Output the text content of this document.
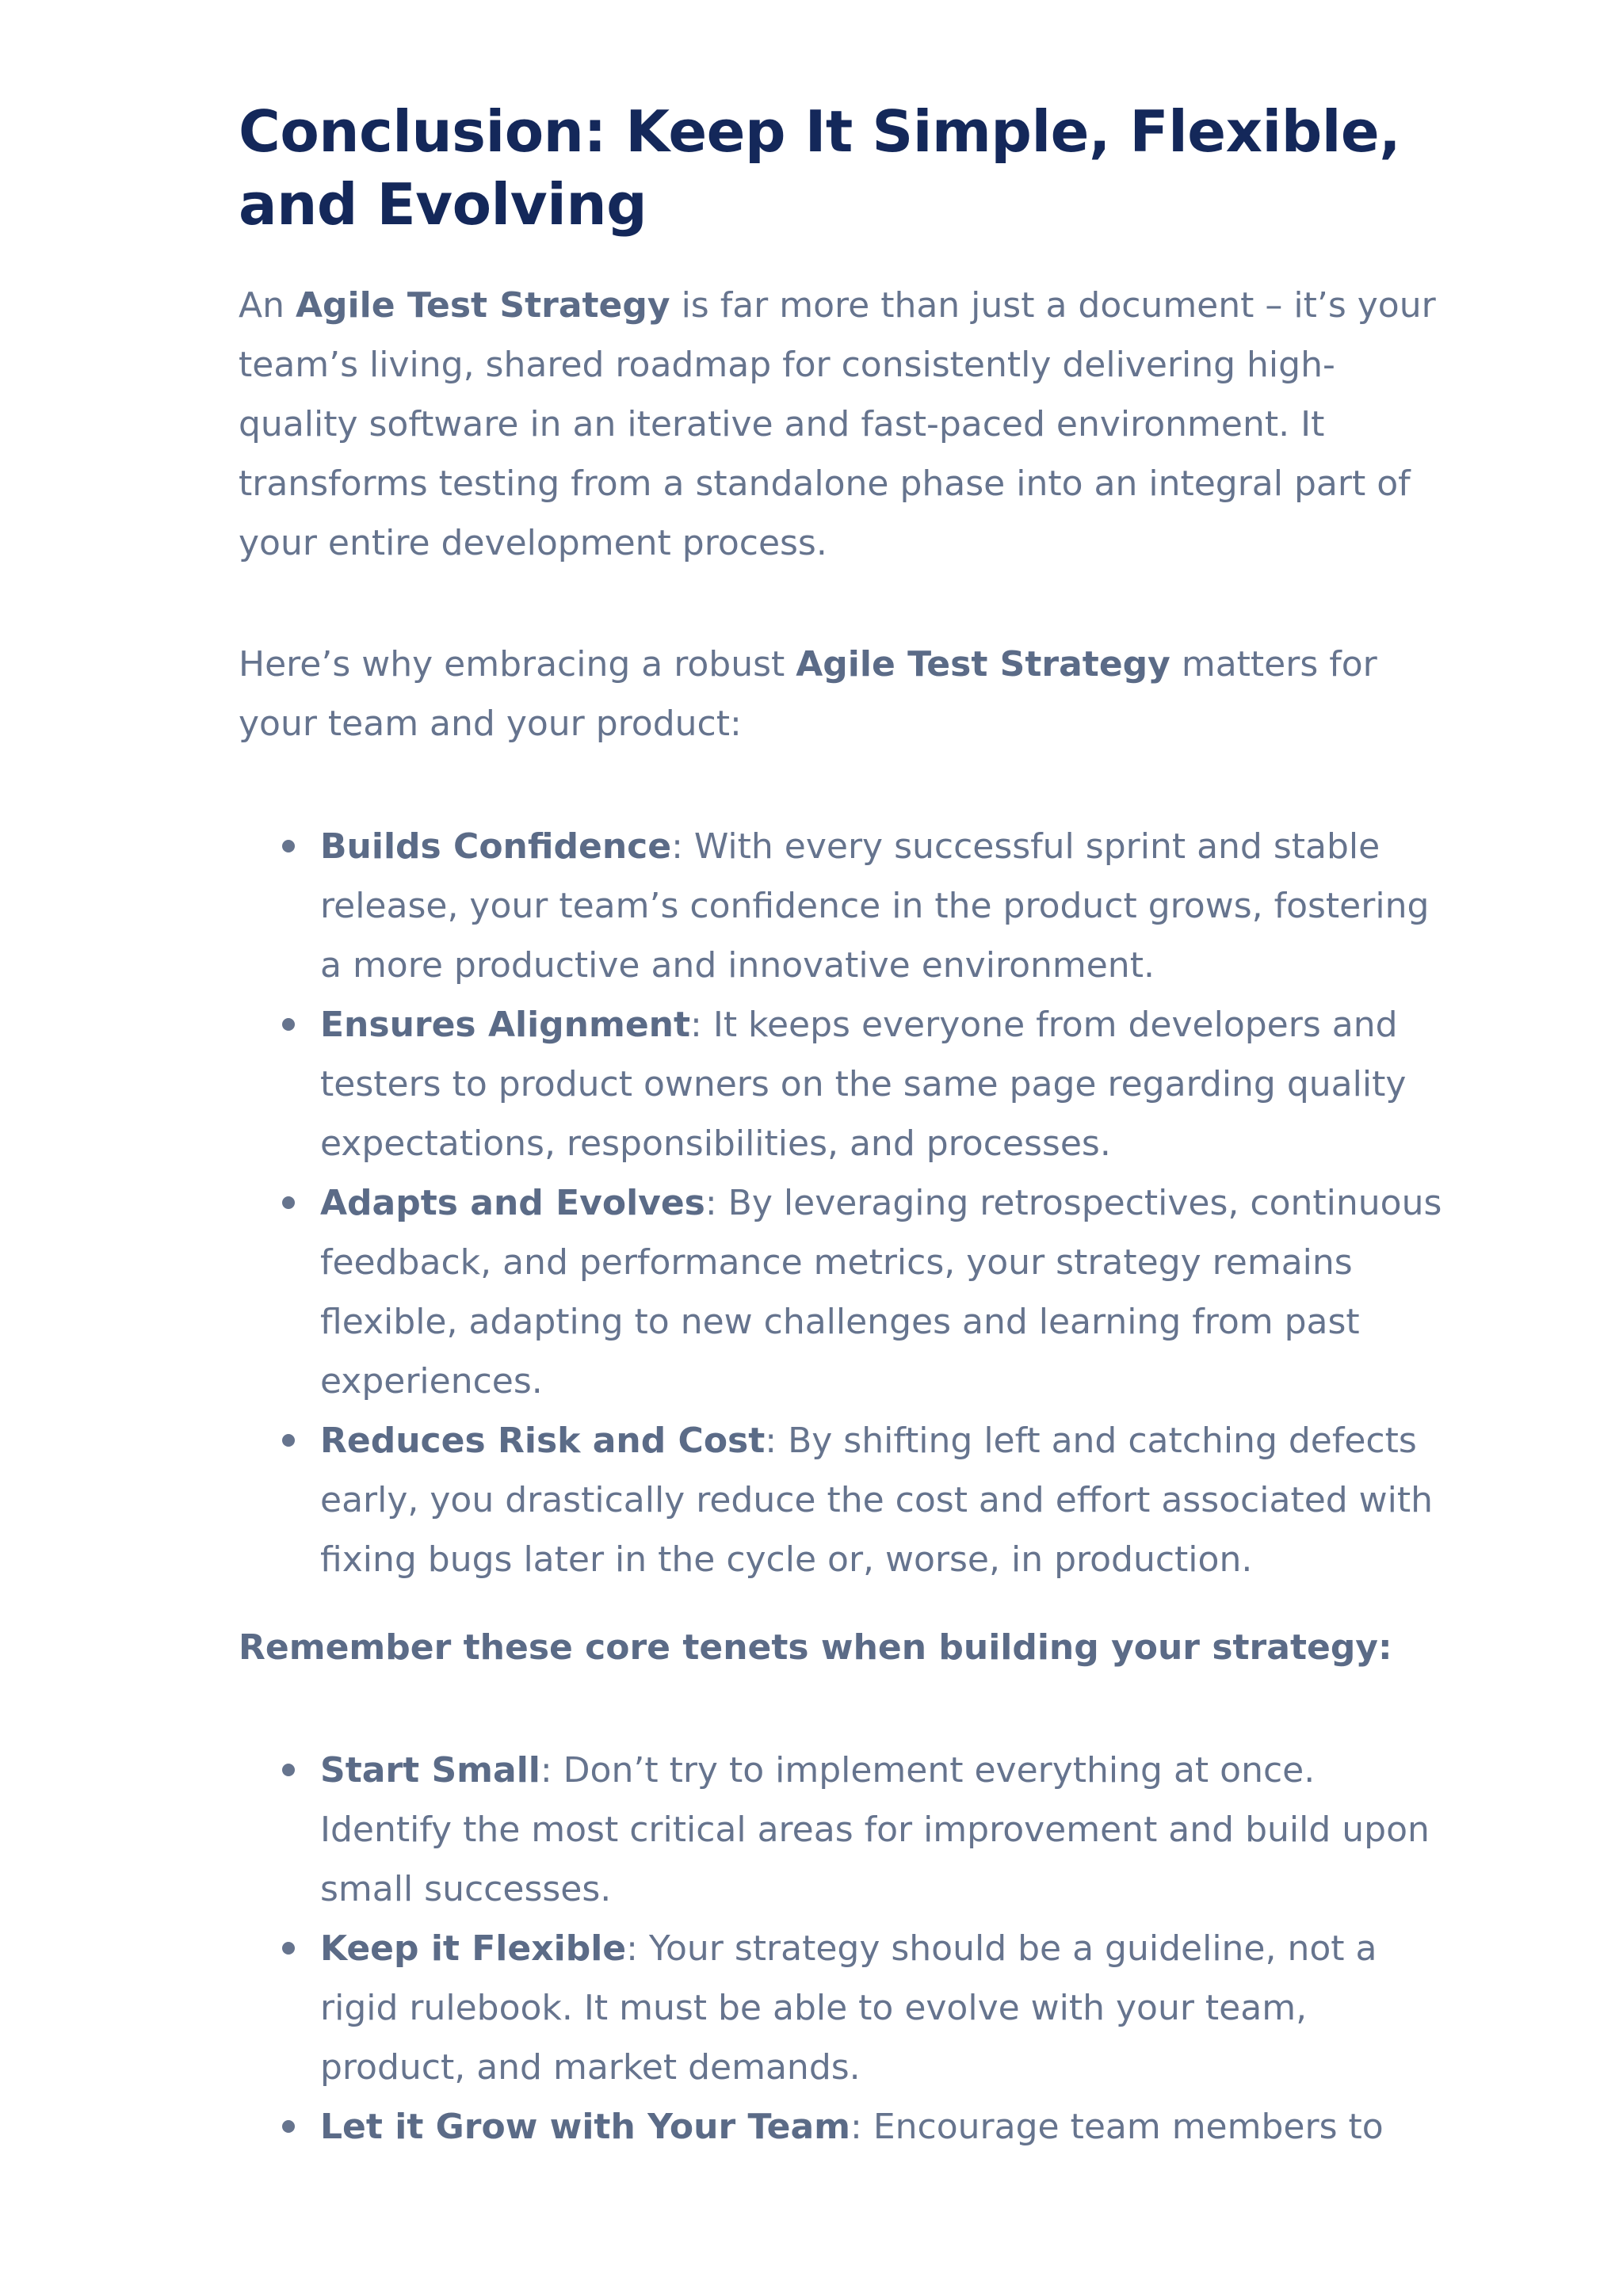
Conclusion: Keep It Simple, Flexible, and Evolving

An Agile Test Strategy is far more than just a document – it’s your team’s living, shared roadmap for consistently delivering high-quality software in an iterative and fast-paced environment. It transforms testing from a standalone phase into an integral part of your entire development process.

Here’s why embracing a robust Agile Test Strategy matters for your team and your product:

Builds Confidence: With every successful sprint and stable release, your team’s confidence in the product grows, fostering a more productive and innovative environment.
Ensures Alignment: It keeps everyone from developers and testers to product owners on the same page regarding quality expectations, responsibilities, and processes.
Adapts and Evolves: By leveraging retrospectives, continuous feedback, and performance metrics, your strategy remains flexible, adapting to new challenges and learning from past experiences.
Reduces Risk and Cost: By shifting left and catching defects early, you drastically reduce the cost and effort associated with fixing bugs later in the cycle or, worse, in production.

Remember these core tenets when building your strategy:

Start Small: Don’t try to implement everything at once. Identify the most critical areas for improvement and build upon small successes.
Keep it Flexible: Your strategy should be a guideline, not a rigid rulebook. It must be able to evolve with your team, product, and market demands.
Let it Grow with Your Team: Encourage team members to
